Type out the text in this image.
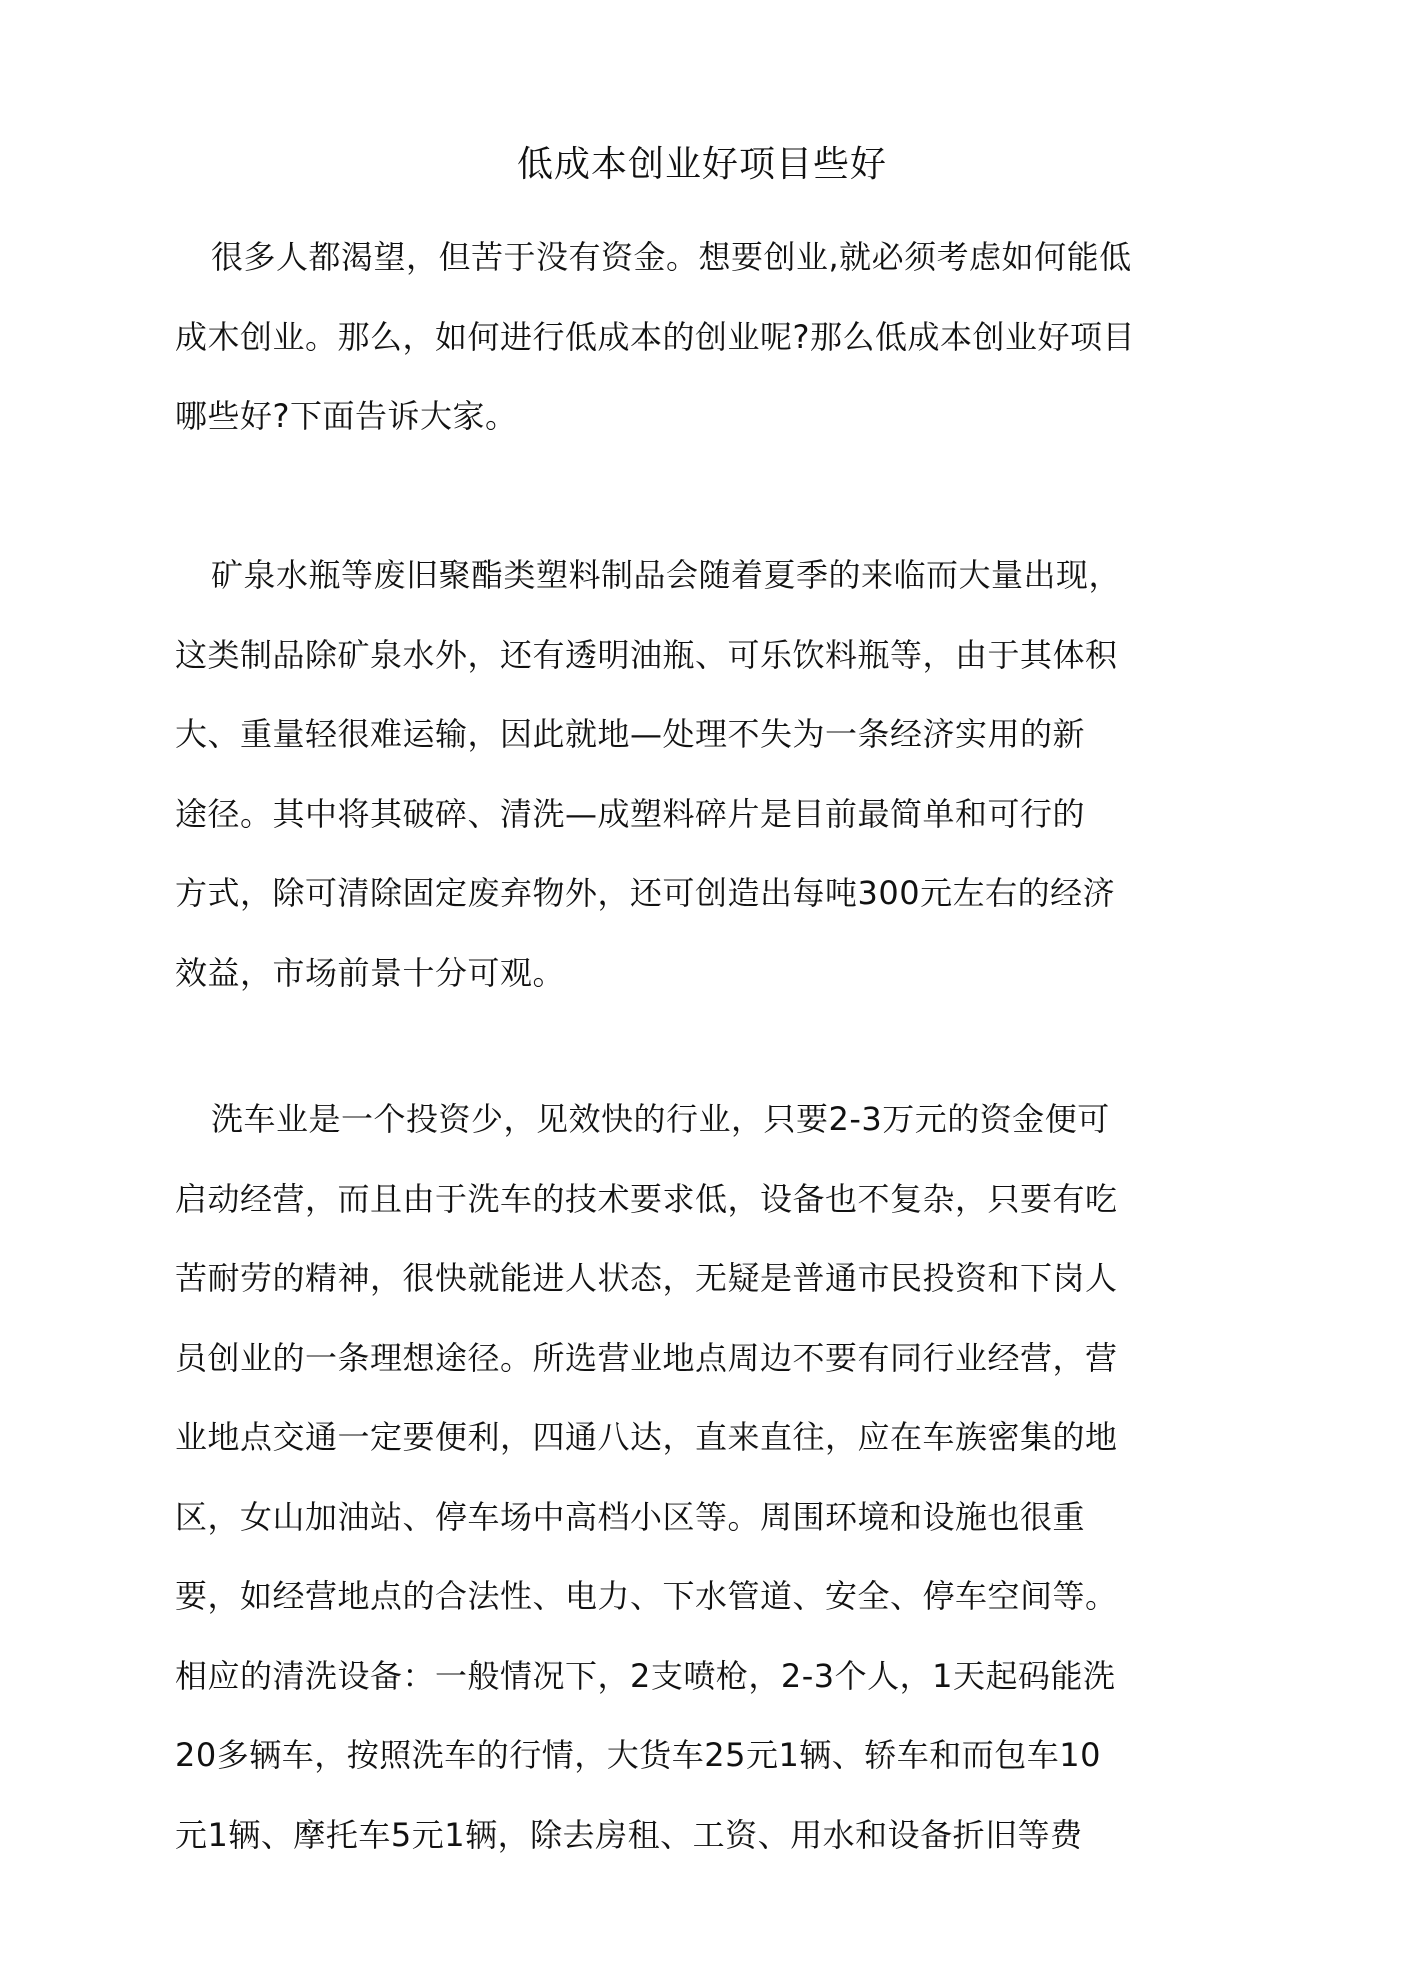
低成本创业好项目些好
很多人都渴望，但苦于没有资金。想要创业,就必须考虑如何能低
成木创业。那么，如何进行低成本的创业呢?那么低成本创业好项目
哪些好?下面告诉大家。
矿泉水瓶等废旧聚酯类塑料制品会随着夏季的来临而大量出现，
这类制品除矿泉水外，还有透明油瓶、可乐饮料瓶等，由于其体积
大、重量轻很难运输，因此就地—处理不失为一条经济实用的新
途径。其中将其破碎、清洗—成塑料碎片是目前最简单和可行的
方式，除可清除固定废弃物外，还可创造出每吨300元左右的经济
效益，市场前景十分可观。
洗车业是一个投资少，见效快的行业，只要2-3万元的资金便可
启动经营，而且由于洗车的技术要求低，设备也不复杂，只要有吃
苦耐劳的精神，很快就能进人状态，无疑是普通市民投资和下岗人
员创业的一条理想途径。所选营业地点周边不要有同行业经营，营
业地点交通一定要便利，四通八达，直来直往，应在车族密集的地
区，女山加油站、停车场中高档小区等。周围环境和设施也很重
要，如经营地点的合法性、电力、下水管道、安全、停车空间等。
相应的清洗设备：一般情况下，2支喷枪，2-3个人，1天起码能洗
20多辆车，按照洗车的行情，大货车25元1辆、轿车和而包车10
元1辆、摩托车5元1辆，除去房租、工资、用水和设备折旧等费
